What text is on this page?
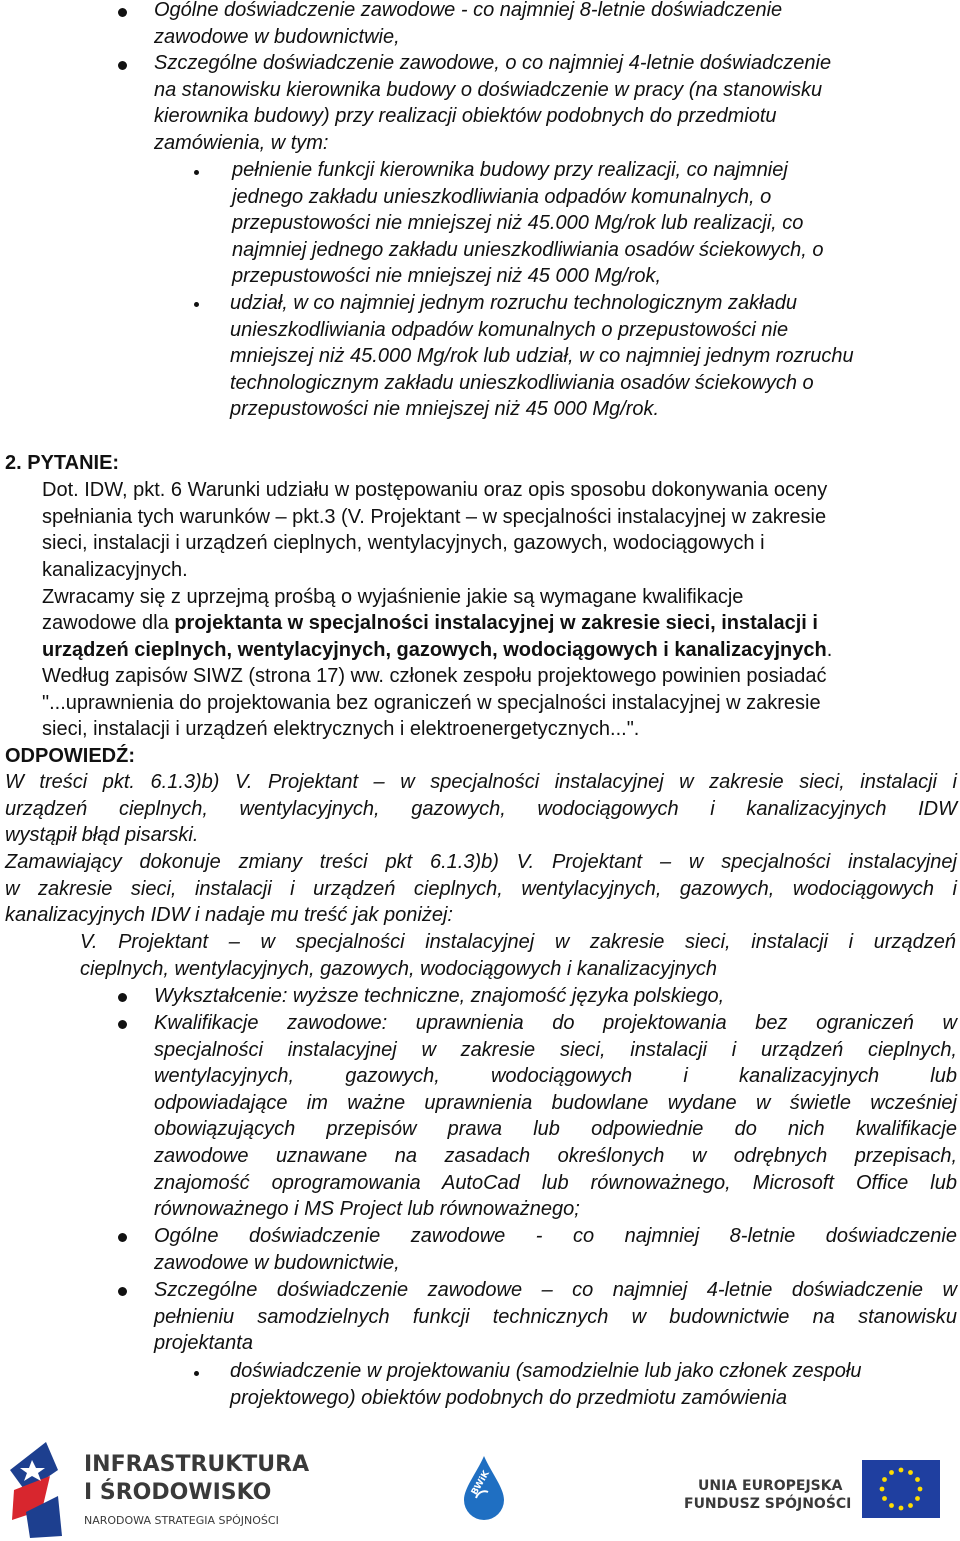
Ogólne doświadczenie zawodowe - co najmniej 8-letnie doświadczenie
zawodowe w budownictwie,
Szczególne doświadczenie zawodowe, o co najmniej 4-letnie doświadczenie
na stanowisku kierownika budowy o doświadczenie w pracy (na stanowisku
kierownika budowy) przy realizacji obiektów podobnych do przedmiotu
zamówienia, w tym:
pełnienie funkcji kierownika budowy przy realizacji, co najmniej
jednego zakładu unieszkodliwiania odpadów komunalnych, o
przepustowości nie mniejszej niż 45.000 Mg/rok lub realizacji, co
najmniej jednego zakładu unieszkodliwiania osadów ściekowych, o
przepustowości nie mniejszej niż 45 000 Mg/rok,
udział, w co najmniej jednym rozruchu technologicznym zakładu
unieszkodliwiania odpadów komunalnych o przepustowości nie
mniejszej niż 45.000 Mg/rok lub udział, w co najmniej jednym rozruchu
technologicznym zakładu unieszkodliwiania osadów ściekowych o
przepustowości nie mniejszej niż 45 000 Mg/rok.
2. PYTANIE:
Dot. IDW, pkt. 6 Warunki udziału w postępowaniu oraz opis sposobu dokonywania oceny
spełniania tych warunków – pkt.3 (V. Projektant – w specjalności instalacyjnej w zakresie
sieci, instalacji i urządzeń cieplnych, wentylacyjnych, gazowych, wodociągowych i
kanalizacyjnych.
Zwracamy się z uprzejmą prośbą o wyjaśnienie jakie są wymagane kwalifikacje
zawodowe dla projektanta w specjalności instalacyjnej w zakresie sieci, instalacji i
urządzeń cieplnych, wentylacyjnych, gazowych, wodociągowych i kanalizacyjnych.
Według zapisów SIWZ (strona 17) ww. członek zespołu projektowego powinien posiadać
"...uprawnienia do projektowania bez ograniczeń w specjalności instalacyjnej w zakresie
sieci, instalacji i urządzeń elektrycznych i elektroenergetycznych...".
ODPOWIEDŹ:
W treści pkt. 6.1.3)b) V. Projektant – w specjalności instalacyjnej w zakresie sieci, instalacji i
urządzeń cieplnych, wentylacyjnych, gazowych, wodociągowych i kanalizacyjnych IDW
wystąpił błąd pisarski.
Zamawiający dokonuje zmiany treści pkt 6.1.3)b) V. Projektant – w specjalności instalacyjnej
w zakresie sieci, instalacji i urządzeń cieplnych, wentylacyjnych, gazowych, wodociągowych i
kanalizacyjnych IDW i nadaje mu treść jak poniżej:
V. Projektant – w specjalności instalacyjnej w zakresie sieci, instalacji i urządzeń
cieplnych, wentylacyjnych, gazowych, wodociągowych i kanalizacyjnych
Wykształcenie: wyższe techniczne, znajomość języka polskiego,
Kwalifikacje zawodowe: uprawnienia do projektowania bez ograniczeń w
specjalności instalacyjnej w zakresie sieci, instalacji i urządzeń cieplnych,
wentylacyjnych, gazowych, wodociągowych i kanalizacyjnych lub
odpowiadające im ważne uprawnienia budowlane wydane w świetle wcześniej
obowiązujących przepisów prawa lub odpowiednie do nich kwalifikacje
zawodowe uznawane na zasadach określonych w odrębnych przepisach,
znajomość oprogramowania AutoCad lub równoważnego, Microsoft Office lub
równoważnego i MS Project lub równoważnego;
Ogólne doświadczenie zawodowe - co najmniej 8-letnie doświadczenie
zawodowe w budownictwie,
Szczególne doświadczenie zawodowe – co najmniej 4-letnie doświadczenie w
pełnieniu samodzielnych funkcji technicznych w budownictwie na stanowisku
projektanta
doświadczenie w projektowaniu (samodzielnie lub jako członek zespołu
projektowego) obiektów podobnych do przedmiotu zamówienia
INFRASTRUKTURA
I ŚRODOWISKO
NARODOWA STRATEGIA SPÓJNOŚCI
BWiK	UNIA EUROPEJSKA
FUNDUSZ SPÓJNOŚCI
